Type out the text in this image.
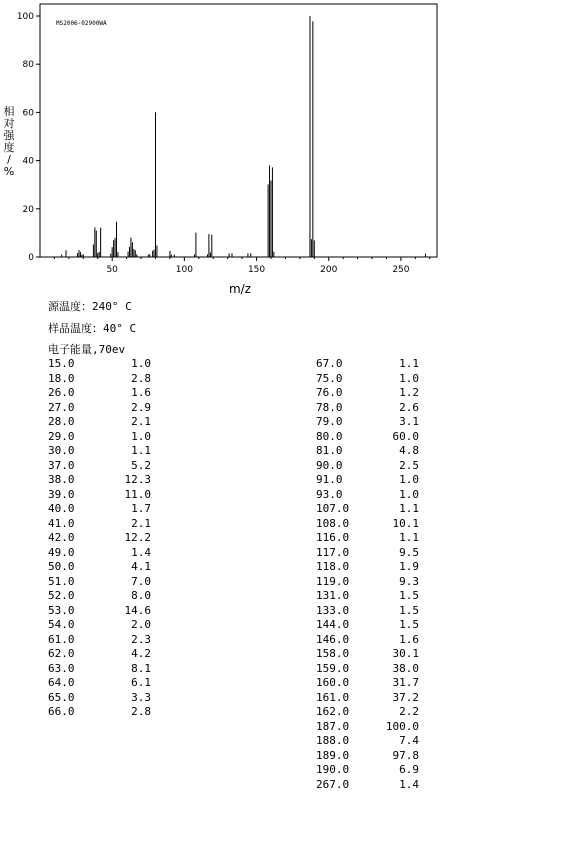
MS2006-02900WA
0
20
40
60
80
100
50	100	150	200	250
m/z
相
对
强
度
/
%
源温度：240° C
样品温度：40° C
电子能量,70ev
15.0	1.0
18.0	2.8
26.0	1.6
27.0	2.9
28.0	2.1
29.0	1.0
30.0	1.1
37.0	5.2
38.0	12.3
39.0	11.0
40.0	1.7
41.0	2.1
42.0	12.2
49.0	1.4
50.0	4.1
51.0	7.0
52.0	8.0
53.0	14.6
54.0	2.0
61.0	2.3
62.0	4.2
63.0	8.1
64.0	6.1
65.0	3.3
66.0	2.8
67.0	1.1
75.0	1.0
76.0	1.2
78.0	2.6
79.0	3.1
80.0	60.0
81.0	4.8
90.0	2.5
91.0	1.0
93.0	1.0
107.0	1.1
108.0	10.1
116.0	1.1
117.0	9.5
118.0	1.9
119.0	9.3
131.0	1.5
133.0	1.5
144.0	1.5
146.0	1.6
158.0	30.1
159.0	38.0
160.0	31.7
161.0	37.2
162.0	2.2
187.0	100.0
188.0	7.4
189.0	97.8
190.0	6.9
267.0	1.4
